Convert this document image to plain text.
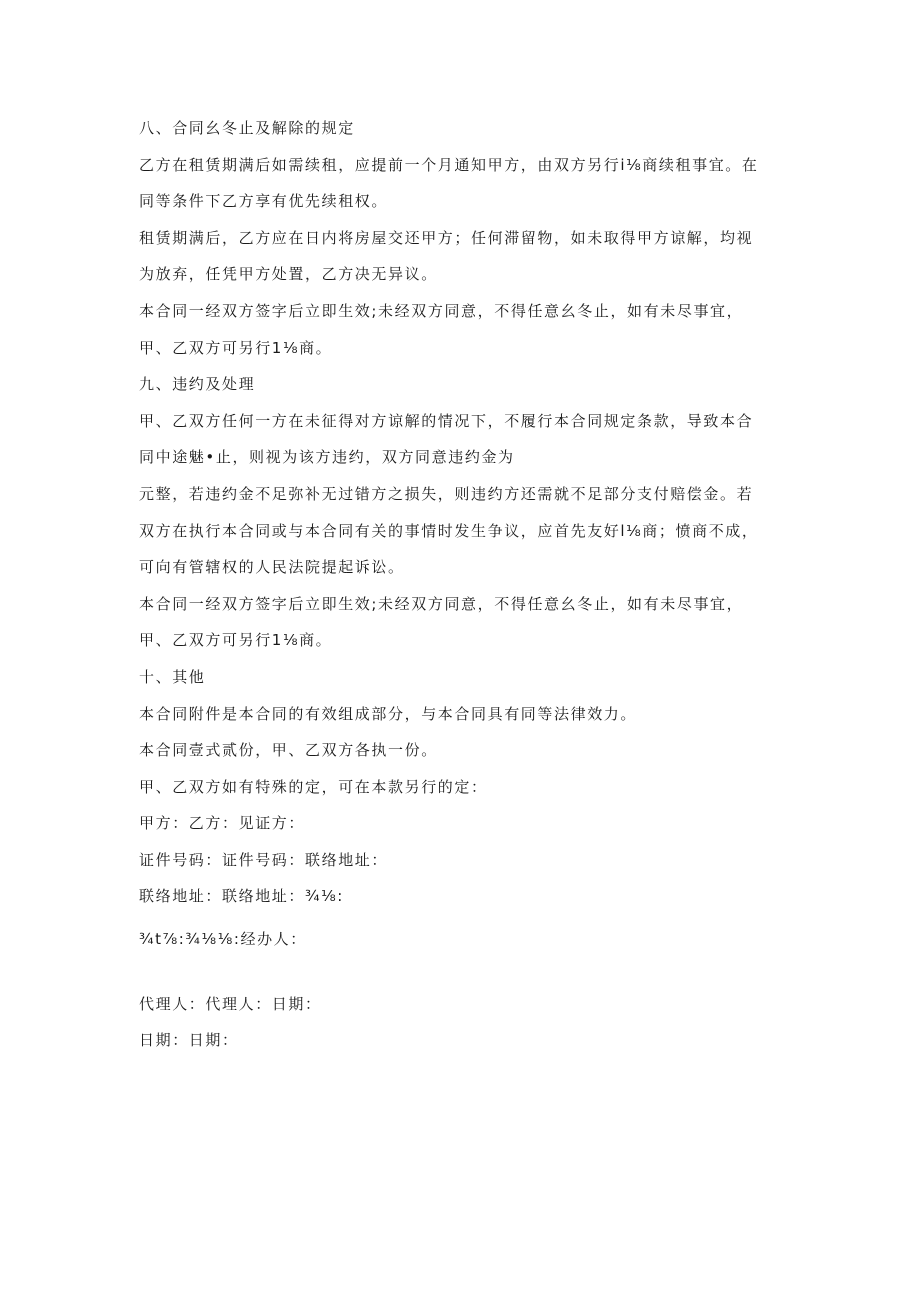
八、合同幺冬止及解除的规定
乙方在租赁期满后如需续租，应提前一个月通知甲方，由双方另行i⅛商续租事宜。在
同等条件下乙方享有优先续租权。
租赁期满后，乙方应在日内将房屋交还甲方；任何滞留物，如未取得甲方谅解，均视
为放弃，任凭甲方处置，乙方决无异议。
本合同一经双方签字后立即生效;未经双方同意，不得任意幺冬止，如有未尽事宜，
甲、乙双方可另行1⅛商。
九、违约及处理
甲、乙双方任何一方在未征得对方谅解的情况下，不履行本合同规定条款，导致本合
同中途魅•止，则视为该方违约，双方同意违约金为
元整，若违约金不足弥补无过错方之损失，则违约方还需就不足部分支付赔偿金。若
双方在执行本合同或与本合同有关的事情时发生争议，应首先友好l⅛商；愤商不成，
可向有管辖权的人民法院提起诉讼。
本合同一经双方签字后立即生效;未经双方同意，不得任意幺冬止，如有未尽事宜，
甲、乙双方可另行1⅛商。
十、其他
本合同附件是本合同的有效组成部分，与本合同具有同等法律效力。
本合同壹式贰份，甲、乙双方各执一份。
甲、乙双方如有特殊的定，可在本款另行的定：
甲方：乙方：见证方：
证件号码：证件号码：联络地址：
联络地址：联络地址：¾⅛:
¾t⅞:¾⅛⅛:经办人：
代理人：代理人：日期：
日期：日期：
